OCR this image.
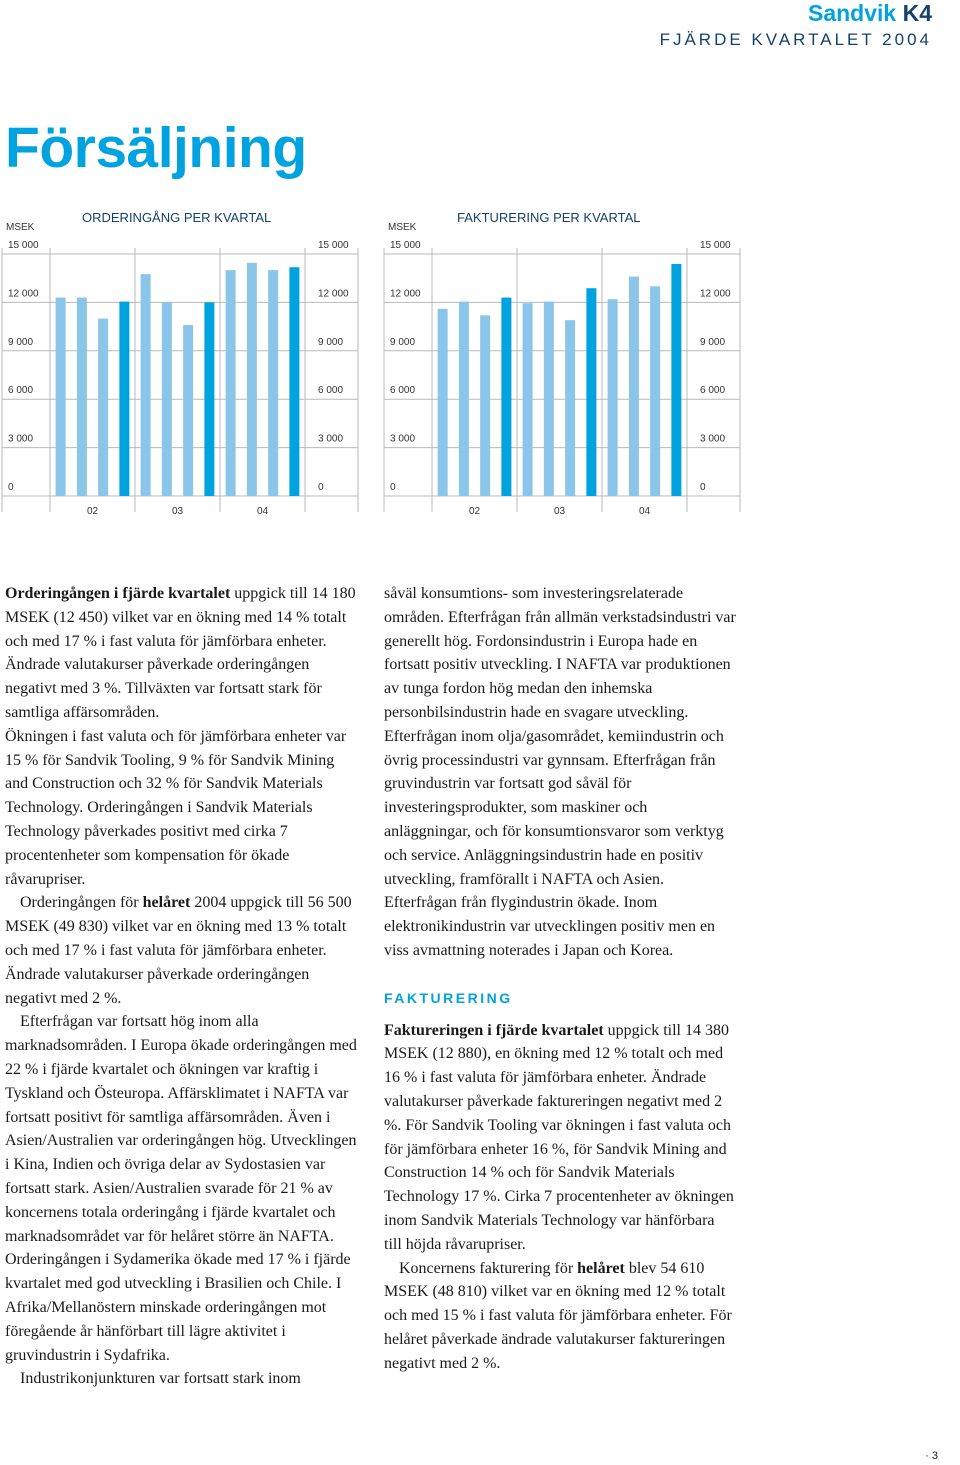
Sandvik K4
FJÄRDE KVARTALET 2004
Försäljning
MSEK
ORDERINGÅNG PER KVARTAL
15 000	15 000
12 000	12 000
9 000	9 000
6 000	6 000
3 000	3 000
0	0
02	03	04
MSEK
FAKTURERING PER KVARTAL
15 000	15 000
12 000	12 000
9 000	9 000
6 000	6 000
3 000	3 000
0	0
02	03	04

Orderingången i fjärde kvartalet uppgick till 14 180 MSEK (12 450) vilket var en ökning med 14 % totalt och med 17 % i fast valuta för jämförbara enheter. Ändrade valutakurser påverkade orderingången negativt med 3 %. Tillväxten var fortsatt stark för samtliga affärsområden.

Ökningen i fast valuta och för jämförbara enheter var 15 % för Sandvik Tooling, 9 % för Sandvik Mining and Construction och 32 % för Sandvik Materials Technology. Orderingången i Sandvik Materials Technology påverkades positivt med cirka 7 procentenheter som kompensation för ökade råvarupriser.

Orderingången för helåret 2004 uppgick till 56 500 MSEK (49 830) vilket var en ökning med 13 % totalt och med 17 % i fast valuta för jämförbara enheter. Ändrade valutakurser påverkade orderingången negativt med 2 %.

Efterfrågan var fortsatt hög inom alla marknadsområden. I Europa ökade orderingången med 22 % i fjärde kvartalet och ökningen var kraftig i Tyskland och Östeuropa. Affärsklimatet i NAFTA var fortsatt positivt för samtliga affärsområden. Även i Asien/Australien var orderingången hög. Utvecklingen i Kina, Indien och övriga delar av Sydostasien var fortsatt stark. Asien/Australien svarade för 21 % av koncernens totala orderingång i fjärde kvartalet och marknadsområdet var för helåret större än NAFTA. Orderingången i Sydamerika ökade med 17 % i fjärde kvartalet med god utveckling i Brasilien och Chile. I Afrika/Mellanöstern minskade orderingången mot föregående år hänförbart till lägre aktivitet i gruvindustrin i Sydafrika.

Industrikonjunkturen var fortsatt stark inom

såväl konsumtions- som investeringsrelaterade områden. Efterfrågan från allmän verkstadsindustri var generellt hög. Fordonsindustrin i Europa hade en fortsatt positiv utveckling. I NAFTA var produktionen av tunga fordon hög medan den inhemska personbilsindustrin hade en svagare utveckling. Efterfrågan inom olja/gasområdet, kemiindustrin och övrig processindustri var gynnsam. Efterfrågan från gruvindustrin var fortsatt god såväl för investeringsprodukter, som maskiner och anläggningar, och för konsumtionsvaror som verktyg och service. Anläggningsindustrin hade en positiv utveckling, framförallt i NAFTA och Asien. Efterfrågan från flygindustrin ökade. Inom elektronikindustrin var utvecklingen positiv men en viss avmattning noterades i Japan och Korea.

FAKTURERING

Faktureringen i fjärde kvartalet uppgick till 14 380 MSEK (12 880), en ökning med 12 % totalt och med 16 % i fast valuta för jämförbara enheter. Ändrade valutakurser påverkade faktureringen negativt med 2 %. För Sandvik Tooling var ökningen i fast valuta och för jämförbara enheter 16 %, för Sandvik Mining and Construction 14 % och för Sandvik Materials Technology 17 %. Cirka 7 procentenheter av ökningen inom Sandvik Materials Technology var hänförbara till höjda råvarupriser.

Koncernens fakturering för helåret blev 54 610 MSEK (48 810) vilket var en ökning med 12 % totalt och med 15 % i fast valuta för jämförbara enheter. För helåret påverkade ändrade valutakurser faktureringen negativt med 2 %.

· 3
